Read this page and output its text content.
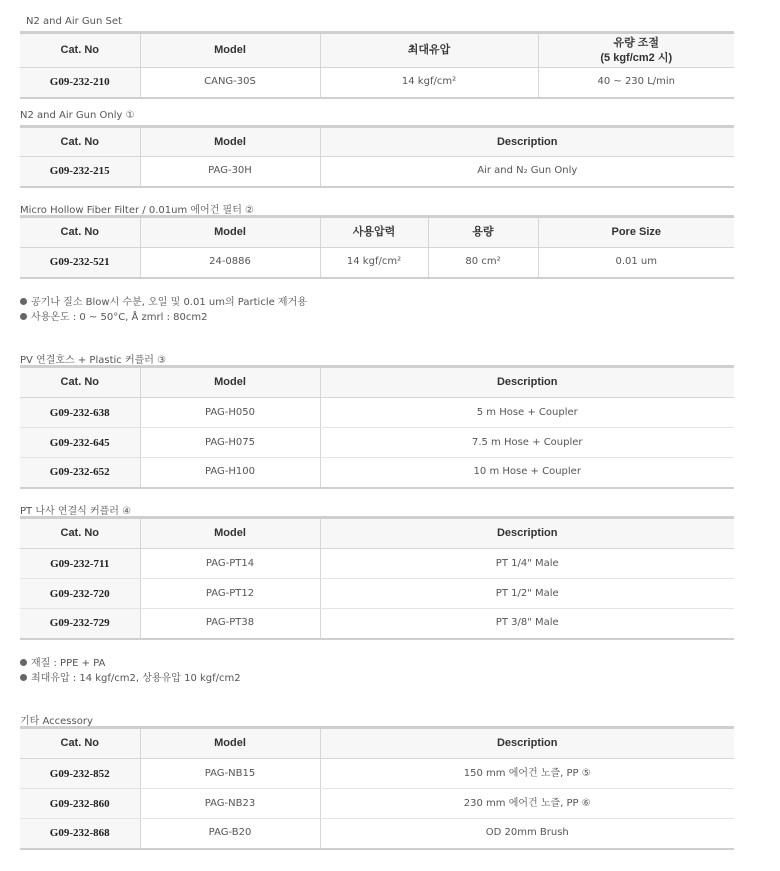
N2 and Air Gun Set
Cat. No	Model	최대유압	유량 조절
(5 kgf/cm2 시)
G09-232-210	CANG-30S	14 kgf/cm²	40 ~ 230 L/min
N2 and Air Gun Only ①
Cat. No	Model	Description
G09-232-215	PAG-30H	Air and N₂ Gun Only
Micro Hollow Fiber Filter / 0.01um 에어건 필터 ②
Cat. No	Model	사용압력	용량	Pore Size
G09-232-521	24-0886	14 kgf/cm²	80 cm²	0.01 um
공기나 질소 Blow시 수분, 오일 및 0.01 um의 Particle 제거용
사용온도 : 0 ~ 50°C, Å zmrl : 80cm2
PV 연결호스 + Plastic 커플러 ③
Cat. No	Model	Description
G09-232-638	PAG-H050	5 m Hose + Coupler
G09-232-645	PAG-H075	7.5 m Hose + Coupler
G09-232-652	PAG-H100	10 m Hose + Coupler
PT 나사 연결식 커플러 ④
Cat. No	Model	Description
G09-232-711	PAG-PT14	PT 1/4" Male
G09-232-720	PAG-PT12	PT 1/2" Male
G09-232-729	PAG-PT38	PT 3/8" Male
재질 : PPE + PA
최대유압 : 14 kgf/cm2, 상용유압 10 kgf/cm2
기타 Accessory
Cat. No	Model	Description
G09-232-852	PAG-NB15	150 mm 에어건 노즐, PP ⑤
G09-232-860	PAG-NB23	230 mm 에어건 노즐, PP ⑥
G09-232-868	PAG-B20	OD 20mm Brush
